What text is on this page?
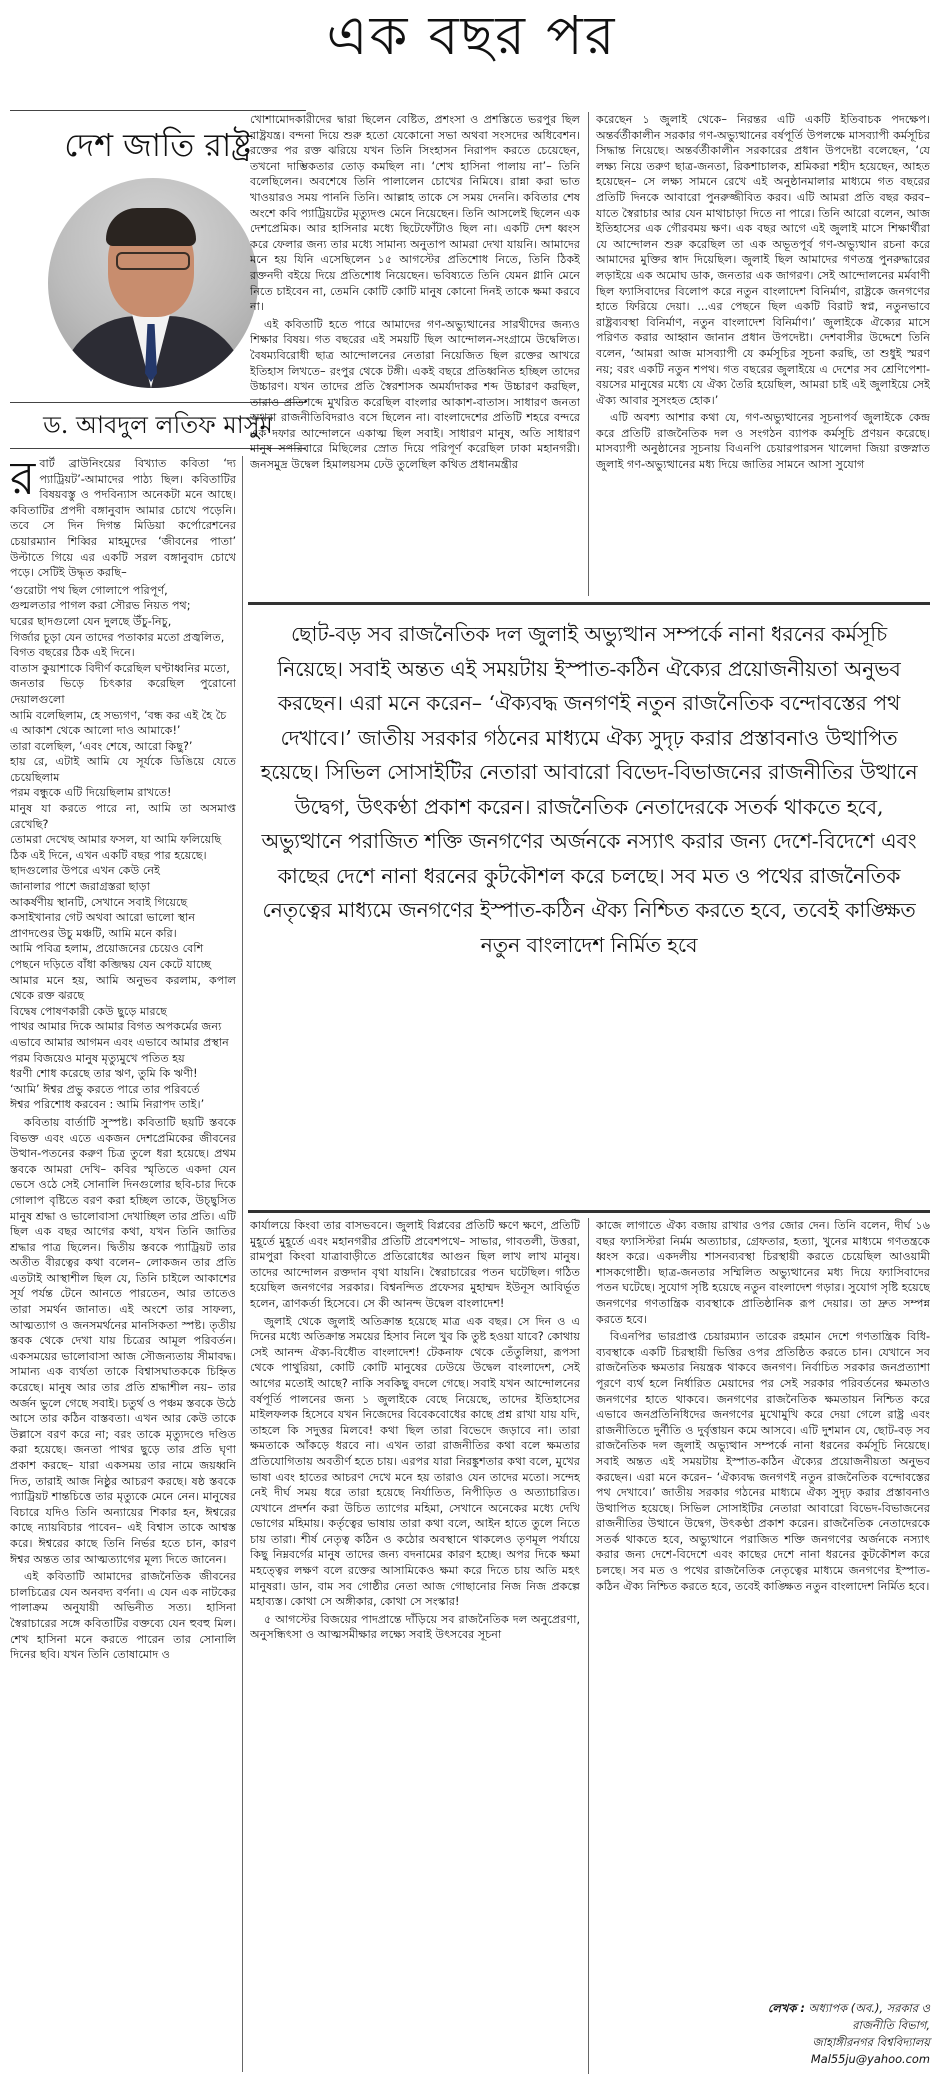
এক বছর পর
দেশ জাতি রাষ্ট্র
ড. আবদুল লতিফ মাসুম

রবার্ট ব্রাউনিংয়ের বিখ্যাত কবিতা ‘দ্য প্যাট্রিয়ট’-আমাদের পাঠ্য ছিল। কবিতাটির বিষয়বস্তু ও পদবিন্যাস অনেকটা মনে আছে। কবিতাটির প্রপদী বঙ্গানুবাদ আমার চোখে পড়েনি। তবে সে দিন দিগন্ত মিডিয়া কর্পোরেশনের চেয়ারম্যান শিব্বির মাহমুদের ‘জীবনের পাতা’ উল্টাতে গিয়ে এর একটি সরল বঙ্গানুবাদ চোখে পড়ে। সেটিই উদ্ধৃত করছি–

‘গুরোটা পথ ছিল গোলাপে পরিপূর্ণ,
গুল্মলতার পাগল করা সৌরভ নিয়ত পথ;
ঘরের ছাদগুলো যেন দুলছে উঁচু-নিচু,
গির্জার চূড়া যেন তাদের পতাকার মতো প্রজ্বলিত,
বিগত বছরের ঠিক এই দিনে।
বাতাস কুয়াশাকে বিদীর্ণ করেছিল ঘণ্টাধ্বনির মতো,
জনতার ভিড়ে চিৎকার করেছিল পুরোনো দেয়ালগুলো
আমি বলেছিলাম, হে সভ্যগণ, ‘বন্ধ কর এই হৈ চৈ
এ আকাশ থেকে আলো দাও আমাকে!’
তারা বলেছিল, ‘এবং শেষে, আরো কিছু?’
হায় রে, এটাই আমি যে সূর্যকে ডিঙিয়ে যেতে চেয়েছিলাম
পরম বন্ধুকে এটি দিয়েছিলাম রাখতে!
মানুষ যা করতে পারে না, আমি তা অসমাপ্ত রেখেছি?
তোমরা দেখেছ আমার ফসল, যা আমি ফলিয়েছি
ঠিক এই দিনে, এখন একটি বছর পার হয়েছে।
ছাদগুলোর উপরে এখন কেউ নেই
জানালার পাশে জরাগ্রস্তরা ছাড়া
আকর্ষণীয় স্থানটি, সেখানে সবাই গিয়েছে
কসাইখানার গেট অথবা আরো ভালো স্থান
প্রাণদণ্ডের উচু মঞ্চটি, আমি মনে করি।
আমি পবিত্র হলাম, প্রয়োজনের চেয়েও বেশি
পেছনে দড়িতে বাঁধা কব্জিদ্বয় যেন কেটে যাচ্ছে
আমার মনে হয়, আমি অনুভব করলাম, কপাল থেকে রক্ত ঝরছে
বিদ্বেষ পোষণকারী কেউ ছুড়ে মারছে
পাথর আমার দিকে আমার বিগত অপকর্মের জন্য
এভাবে আমার আগমন এবং এভাবে আমার প্রস্থান
পরম বিজয়েও মানুষ মৃত্যুমুখে পতিত হয়
ধরণী শোধ করেছে তার ঋণ, তুমি কি ঋণী!
‘আমি’ ঈশ্বর প্রভু করতে পারে তার পরিবর্তে
ঈশ্বর পরিশোধ করবেন : আমি নিরাপদ তাই।’

কবিতায় বার্তাটি সুস্পষ্ট। কবিতাটি ছয়টি স্তবকে বিভক্ত এবং এতে একজন দেশপ্রেমিকের জীবনের উত্থান-পতনের করুণ চিত্র তুলে ধরা হয়েছে। প্রথম স্তবকে আমরা দেখি– কবির স্মৃতিতে একদা যেন ভেসে ওঠে সেই সোনালি দিনগুলোর ছবি-চার দিকে গোলাপ বৃষ্টিতে বরণ করা হচ্ছিল তাকে, উচ্ছ্বসিত মানুষ শ্রদ্ধা ও ভালোবাসা দেখাচ্ছিল তার প্রতি। এটি ছিল এক বছর আগের কথা, যখন তিনি জাতির শ্রদ্ধার পাত্র ছিলেন। দ্বিতীয় স্তবকে প্যাট্রিয়ট তার অতীত বীরত্বের কথা বলেন– লোকজন তার প্রতি এতটাই আস্থাশীল ছিল যে, তিনি চাইলে আকাশের সূর্য পর্যন্ত টেনে আনতে পারতেন, আর তাতেও তারা সমর্থন জানাত। এই অংশে তার সাফল্য, আত্মত্যাগ ও জনসমর্থনের মানসিকতা স্পষ্ট। তৃতীয় স্তবক থেকে দেখা যায় চিত্রের আমূল পরিবর্তন। একসময়ের ভালোবাসা আজ সৌজন্যতায় সীমাবদ্ধ। সামান্য এক ব্যর্থতা তাকে বিশ্বাসঘাতককে চিহ্নিত করেছে। মানুষ আর তার প্রতি শ্রদ্ধাশীল নয়– তার অর্জন ভুলে গেছে সবাই। চতুর্থ ও পঞ্চম স্তবকে উঠে আসে তার কঠিন বাস্তবতা। এখন আর কেউ তাকে উল্লাসে বরণ করে না; বরং তাকে মৃত্যুদণ্ডে দণ্ডিত করা হয়েছে। জনতা পাথর ছুড়ে তার প্রতি ঘৃণা প্রকাশ করছে– যারা একসময় তার নামে জয়ধ্বনি দিত, তারাই আজ নিষ্ঠুর আচরণ করছে। ষষ্ঠ স্তবকে প্যাট্রিয়ট শান্তচিত্তে তার মৃত্যুকে মেনে নেন। মানুষের বিচারে যদিও তিনি অন্যায়ের শিকার হন, ঈশ্বরের কাছে ন্যায়বিচার পাবেন– এই বিশ্বাস তাকে আশ্বস্ত করে। ঈশ্বরের কাছে তিনি নির্ভর হতে চান, কারণ ঈশ্বর অন্তত তার আত্মত্যাগের মূল্য দিতে জানেন।

এই কবিতাটি আমাদের রাজনৈতিক জীবনের চালচিত্রের যেন অনবদ্য বর্ণনা। এ যেন এক নাটকের পালাক্রম অনুযায়ী অভিনীত সত্য। হাসিনা স্বৈরাচারের সঙ্গে কবিতাটির বক্তব্যে যেন হুবহু মিল। শেখ হাসিনা মনে করতে পারেন তার সোনালি দিনের ছবি। যখন তিনি তোষামোদ ও

খোশামোদকারীদের দ্বারা ছিলেন বেষ্টিত, প্রশংসা ও প্রশস্তিতে ভরপুর ছিল রাষ্ট্রযন্ত্র। বন্দনা দিয়ে শুরু হতো যেকোনো সভা অথবা সংসদের অধিবেশন। রক্তের পর রক্ত ঝরিয়ে যখন তিনি সিংহাসন নিরাপদ করতে চেয়েছেন, তখনো দাম্ভিকতার তোড় কমছিল না। ‘শেখ হাসিনা পালায় না’– তিনি বলেছিলেন। অবশেষে তিনি পালালেন চোখের নিমিষে। রান্না করা ভাত খাওয়ারও সময় পাননি তিনি। আল্লাহ তাকে সে সময় দেননি। কবিতার শেষ অংশে কবি প্যাট্রিয়টের মৃত্যুদণ্ড মেনে নিয়েছেন। তিনি আসলেই ছিলেন এক দেশপ্রেমিক। আর হাসিনার মধ্যে ছিটেফোঁটাও ছিল না। একটি দেশ ধ্বংস করে ফেলার জন্য তার মধ্যে সামান্য অনুতাপ আমরা দেখা যায়নি। আমাদের মনে হয় যিনি এসেছিলেন ১৫ আগস্টের প্রতিশোধ নিতে, তিনি ঠিকই রক্তনদী বইয়ে দিয়ে প্রতিশোধ নিয়েছেন। ভবিষ্যতে তিনি যেমন গ্লানি মেনে নিতে চাইবেন না, তেমনি কোটি কোটি মানুষ কোনো দিনই তাকে ক্ষমা করবে না।

এই কবিতাটি হতে পারে আমাদের গণ-অভ্যুত্থানের সারথীদের জন্যও শিক্ষার বিষয়। গত বছরের এই সময়টি ছিল আন্দোলন-সংগ্রামে উদ্বেলিত। বৈষম্যবিরোধী ছাত্র আন্দোলনের নেতারা নিয়েজিত ছিল রক্তের আখরে ইতিহাস লিখতে– রংপুর থেকে টঙ্গী। একই বছরে প্রতিধ্বনিত হচ্ছিল তাদের উচ্চারণ। যখন তাদের প্রতি স্বৈরশাসক অমর্যাদাকর শব্দ উচ্চারণ করছিল, তারাও প্রতিশব্দে মুখরিত করেছিল বাংলার আকাশ-বাতাস। সাধারণ জনতা অথবা রাজনীতিবিদরাও বসে ছিলেন না। বাংলাদেশের প্রতিটি শহরে বন্দরে এক দফার আন্দোলনে একাত্ম ছিল সবাই। সাধারণ মানুষ, অতি সাধারণ মানুষ সপরিবারে মিছিলের স্রোত দিয়ে পরিপূর্ণ করেছিল ঢাকা মহানগরী। জনসমুদ্র উদ্বেল হিমালয়সম ঢেউ তুলেছিল কথিত প্রধানমন্ত্রীর

করেছেন ১ জুলাই থেকে– নিরন্তর এটি একটি ইতিবাচক পদক্ষেপ। অন্তর্বর্তীকালীন সরকার গণ-অভ্যুত্থানের বর্ষপূর্তি উপলক্ষে মাসব্যাপী কর্মসূচির সিদ্ধান্ত নিয়েছে। অন্তর্বর্তীকালীন সরকারের প্রধান উপদেষ্টা বলেছেন, ‘যে লক্ষ্য নিয়ে তরুণ ছাত্র-জনতা, রিকশাচালক, শ্রমিকরা শহীদ হয়েছেন, আহত হয়েছেন– সে লক্ষ্য সামনে রেখে এই অনুষ্ঠানমালার মাধ্যমে গত বছরের প্রতিটি দিনকে আবারো পুনরুজ্জীবিত করব। এটি আমরা প্রতি বছর করব– যাতে স্বৈরাচার আর যেন মাথাচাড়া দিতে না পারে। তিনি আরো বলেন, আজ ইতিহাসের এক গৌরবময় ক্ষণ। এক বছর আগে এই জুলাই মাসে শিক্ষার্থীরা যে আন্দোলন শুরু করেছিল তা এক অভূতপূর্ব গণ-অভ্যুত্থান রচনা করে আমাদের মুক্তির স্বাদ দিয়েছিল। জুলাই ছিল আমাদের গণতন্ত্র পুনরুদ্ধারের লড়াইয়ে এক অমোঘ ডাক, জনতার এক জাগরণ। সেই আন্দোলনের মর্মবাণী ছিল ফ্যাসিবাদের বিলোপ করে নতুন বাংলাদেশ বিনির্মাণ, রাষ্ট্রকে জনগণের হাতে ফিরিয়ে দেয়া। ...এর পেছনে ছিল একটি বিরাট স্বপ্ন, নতুনভাবে রাষ্ট্রব্যবস্থা বিনির্মাণ, নতুন বাংলাদেশ বিনির্মাণ।’ জুলাইকে ঐক্যের মাসে পরিণত করার আহ্বান জানান প্রধান উপদেষ্টা। দেশবাসীর উদ্দেশে তিনি বলেন, ‘আমরা আজ মাসব্যাপী যে কর্মসূচির সূচনা করছি, তা শুধুই স্মরণ নয়; বরং একটি নতুন শপথ। গত বছরের জুলাইয়ে এ দেশের সব শ্রেণিপেশা-বয়সের মানুষের মধ্যে যে ঐক্য তৈরি হয়েছিল, আমরা চাই এই জুলাইয়ে সেই ঐক্য আবার সুসংহত হোক।’

এটি অবশ্য আশার কথা যে, গণ-অভ্যুত্থানের সূচনাপর্ব জুলাইকে কেন্দ্র করে প্রতিটি রাজনৈতিক দল ও সংগঠন ব্যাপক কর্মসূচি প্রণয়ন করেছে। মাসব্যাপী অনুষ্ঠানের সূচনায় বিএনপি চেয়ারপারসন খালেদা জিয়া রক্তস্নাত জুলাই গণ-অভ্যুত্থানের মধ্য দিয়ে জাতির সামনে আসা সুযোগ

ছোট-বড় সব রাজনৈতিক দল জুলাই অভ্যুত্থান সম্পর্কে নানা ধরনের কর্মসূচি নিয়েছে। সবাই অন্তত এই সময়টায় ইস্পাত-কঠিন ঐক্যের প্রয়োজনীয়তা অনুভব করছেন। এরা মনে করেন– ‘ঐক্যবদ্ধ জনগণই নতুন রাজনৈতিক বন্দোবস্তের পথ দেখাবে।’ জাতীয় সরকার গঠনের মাধ্যমে ঐক্য সুদৃঢ় করার প্রস্তাবনাও উত্থাপিত হয়েছে। সিভিল সোসাইটির নেতারা আবারো বিভেদ-বিভাজনের রাজনীতির উত্থানে উদ্বেগ, উৎকণ্ঠা প্রকাশ করেন। রাজনৈতিক নেতাদেরকে সতর্ক থাকতে হবে, অভ্যুত্থানে পরাজিত শক্তি জনগণের অর্জনকে নস্যাৎ করার জন্য দেশে-বিদেশে এবং কাছের দেশে নানা ধরনের কুটকৌশল করে চলছে। সব মত ও পথের রাজনৈতিক নেতৃত্বের মাধ্যমে জনগণের ইস্পাত-কঠিন ঐক্য নিশ্চিত করতে হবে, তবেই কাঙ্ক্ষিত নতুন বাংলাদেশ নির্মিত হবে

কার্যালয়ে কিংবা তার বাসভবনে। জুলাই বিপ্লবের প্রতিটি ক্ষণে ক্ষণে, প্রতিটি মুহূর্তে মুহূর্তে এবং মহানগরীর প্রতিটি প্রবেশপথে– সাভার, গাবতলী, উত্তরা, রামপুরা কিংবা যাত্রাবাড়ীতে প্রতিরোধের আগুন ছিল লাখ লাখ মানুষ। তাদের আন্দোলন রক্তদান বৃথা যায়নি। স্বৈরাচারের পতন ঘটেছিল। গঠিত হয়েছিল জনগণের সরকার। বিশ্বনন্দিত প্রফেসর মুহাম্মদ ইউনূস আবির্ভূত হলেন, ত্রাণকর্তা হিসেবে। সে কী আনন্দ উদ্বেল বাংলাদেশ!

জুলাই থেকে জুলাই অতিক্রান্ত হয়েছে মাত্র এক বছর। সে দিন ও এ দিনের মধ্যে অতিক্রান্ত সময়ের হিসাব নিলে খুব কি তুষ্ট হওয়া যাবে? কোথায় সেই আনন্দ ঐক্য-বিধৌত বাংলাদেশ! টেকনাফ থেকে তেঁতুলিয়া, রূপসা থেকে পাথুরিয়া, কোটি কোটি মানুষের ঢেউয়ে উদ্বেল বাংলাদেশ, সেই আগের মতোই আছে? নাকি সবকিছু বদলে গেছে। সবাই যখন আন্দোলনের বর্ষপূর্তি পালনের জন্য ১ জুলাইকে বেছে নিয়েছে, তাদের ইতিহাসের মাইলফলক হিসেবে যখন নিজেদের বিবেকবোধের কাছে প্রশ্ন রাখা যায় যদি, তাহলে কি সদুত্তর মিলবে! কথা ছিল তারা বিভেদে জড়াবে না। তারা ক্ষমতাকে আঁকড়ে ধরবে না। এখন তারা রাজনীতির কথা বলে ক্ষমতার প্রতিযোগিতায় অবতীর্ণ হতে চায়। এরপর যারা নিরঙ্কুশতার কথা বলে, মুখের ভাষা এবং হাতের আচরণ দেখে মনে হয় তারাও যেন তাদের মতো। সন্দেহ নেই দীর্ঘ সময় ধরে তারা হয়েছে নির্যাতিত, নিপীড়িত ও অত্যাচারিত। যেখানে প্রদর্শন করা উচিত ত্যাগের মহিমা, সেখানে অনেকের মধ্যে দেখি ভোগের মহিমায়। কর্তৃত্বের ভাষায় তারা কথা বলে, আইন হাতে তুলে নিতে চায় তারা। শীর্ষ নেতৃত্ব কঠিন ও কঠোর অবস্থানে থাকলেও তৃণমূল পর্যায়ে কিছু নিম্নবর্গের মানুষ তাদের জন্য বদনামের কারণ হচ্ছে। অপর দিকে ক্ষমা মহত্ত্বের লক্ষণ বলে রক্তের আসামিকেও ক্ষমা করে দিতে চায় অতি মহৎ মানুষরা। ডান, বাম সব গোষ্ঠীর নেতা আজ গোছানোর নিজ নিজ প্রকল্পে মহাব্যস্ত। কোথা সে অঙ্গীকার, কোথা সে সংস্কার!

৫ আগস্টের বিজয়ের পাদপ্রান্তে দাঁড়িয়ে সব রাজনৈতিক দল অনুপ্রেরণা, অনুসন্ধিৎসা ও আত্মসমীক্ষার লক্ষ্যে সবাই উৎসবের সূচনা

কাজে লাগাতে ঐক্য বজায় রাখার ওপর জোর দেন। তিনি বলেন, দীর্ঘ ১৬ বছর ফ্যাসিস্টরা নির্মম অত্যাচার, গ্রেফতার, হত্যা, খুনের মাধ্যমে গণতন্ত্রকে ধ্বংস করে। একদলীয় শাসনব্যবস্থা চিরস্থায়ী করতে চেয়েছিল আওয়ামী শাসকগোষ্ঠী। ছাত্র-জনতার সম্মিলিত অভ্যুত্থানের মধ্য দিয়ে ফ্যাসিবাদের পতন ঘটেছে। সুযোগ সৃষ্টি হয়েছে নতুন বাংলাদেশ গড়ার। সুযোগ সৃষ্টি হয়েছে জনগণের গণতান্ত্রিক ব্যবস্থাকে প্রাতিষ্ঠানিক রূপ দেয়ার। তা দ্রুত সম্পন্ন করতে হবে।

বিএনপির ভারপ্রাপ্ত চেয়ারম্যান তারেক রহমান দেশে গণতান্ত্রিক বিধি-ব্যবস্থাকে একটি চিরস্থায়ী ভিত্তির ওপর প্রতিষ্ঠিত করতে চান। যেখানে সব রাজনৈতিক ক্ষমতার নিয়ন্ত্রক থাকবে জনগণ। নির্বাচিত সরকার জনপ্রত্যাশা পূরণে ব্যর্থ হলে নির্ধারিত মেয়াদের পর সেই সরকার পরিবর্তনের ক্ষমতাও জনগণের হাতে থাকবে। জনগণের রাজনৈতিক ক্ষমতায়ন নিশ্চিত করে এভাবে জনপ্রতিনিধিদের জনগণের মুখোমুখি করে দেয়া গেলে রাষ্ট্র এবং রাজনীতিতে দুর্নীতি ও দুর্বৃত্তায়ন কমে আসবে। এটি দুশমান যে, ছোট-বড় সব রাজনৈতিক দল জুলাই অভ্যুত্থান সম্পর্কে নানা ধরনের কর্মসূচি নিয়েছে। সবাই অন্তত এই সময়টায় ইস্পাত-কঠিন ঐক্যের প্রয়োজনীয়তা অনুভব করছেন। এরা মনে করেন– ‘ঐক্যবদ্ধ জনগণই নতুন রাজনৈতিক বন্দোবস্তের পথ দেখাবে।’ জাতীয় সরকার গঠনের মাধ্যমে ঐক্য সুদৃঢ় করার প্রস্তাবনাও উত্থাপিত হয়েছে। সিভিল সোসাইটির নেতারা আবারো বিভেদ-বিভাজনের রাজনীতির উত্থানে উদ্বেগ, উৎকণ্ঠা প্রকাশ করেন। রাজনৈতিক নেতাদেরকে সতর্ক থাকতে হবে, অভ্যুত্থানে পরাজিত শক্তি জনগণের অর্জনকে নস্যাৎ করার জন্য দেশে-বিদেশে এবং কাছের দেশে নানা ধরনের কুটকৌশল করে চলছে। সব মত ও পথের রাজনৈতিক নেতৃত্বের মাধ্যমে জনগণের ইস্পাত-কঠিন ঐক্য নিশ্চিত করতে হবে, তবেই কাঙ্ক্ষিত নতুন বাংলাদেশ নির্মিত হবে।

লেখক : অধ্যাপক (অব.), সরকার ও
রাজনীতি বিভাগ,
জাহাঙ্গীরনগর বিশ্ববিদ্যালয়
Mal55ju@yahoo.com
